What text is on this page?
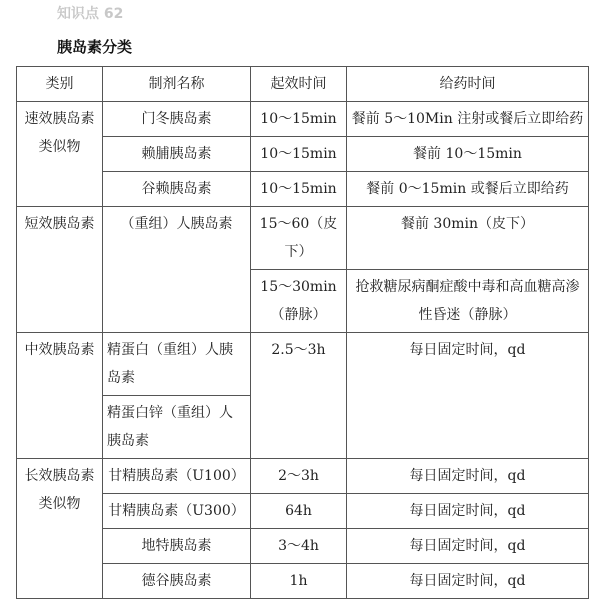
知识点 62
胰岛素分类
类别	制剂名称	起效时间	给药时间
速效胰岛素类似物	门冬胰岛素	10～15min	餐前 5～10Min 注射或餐后立即给药
	赖脯胰岛素	10～15min	餐前 10～15min
	谷赖胰岛素	10～15min	餐前 0～15min 或餐后立即给药
短效胰岛素	（重组）人胰岛素	15～60（皮下）	餐前 30min（皮下）
		15～30min（静脉）	抢救糖尿病酮症酸中毒和高血糖高渗性昏迷（静脉）
中效胰岛素	精蛋白（重组）人胰岛素	2.5～3h	每日固定时间，qd
	精蛋白锌（重组）人胰岛素		
长效胰岛素类似物	甘精胰岛素（U100）	2～3h	每日固定时间，qd
	甘精胰岛素（U300）	64h	每日固定时间，qd
	地特胰岛素	3～4h	每日固定时间，qd
	德谷胰岛素	1h	每日固定时间，qd
